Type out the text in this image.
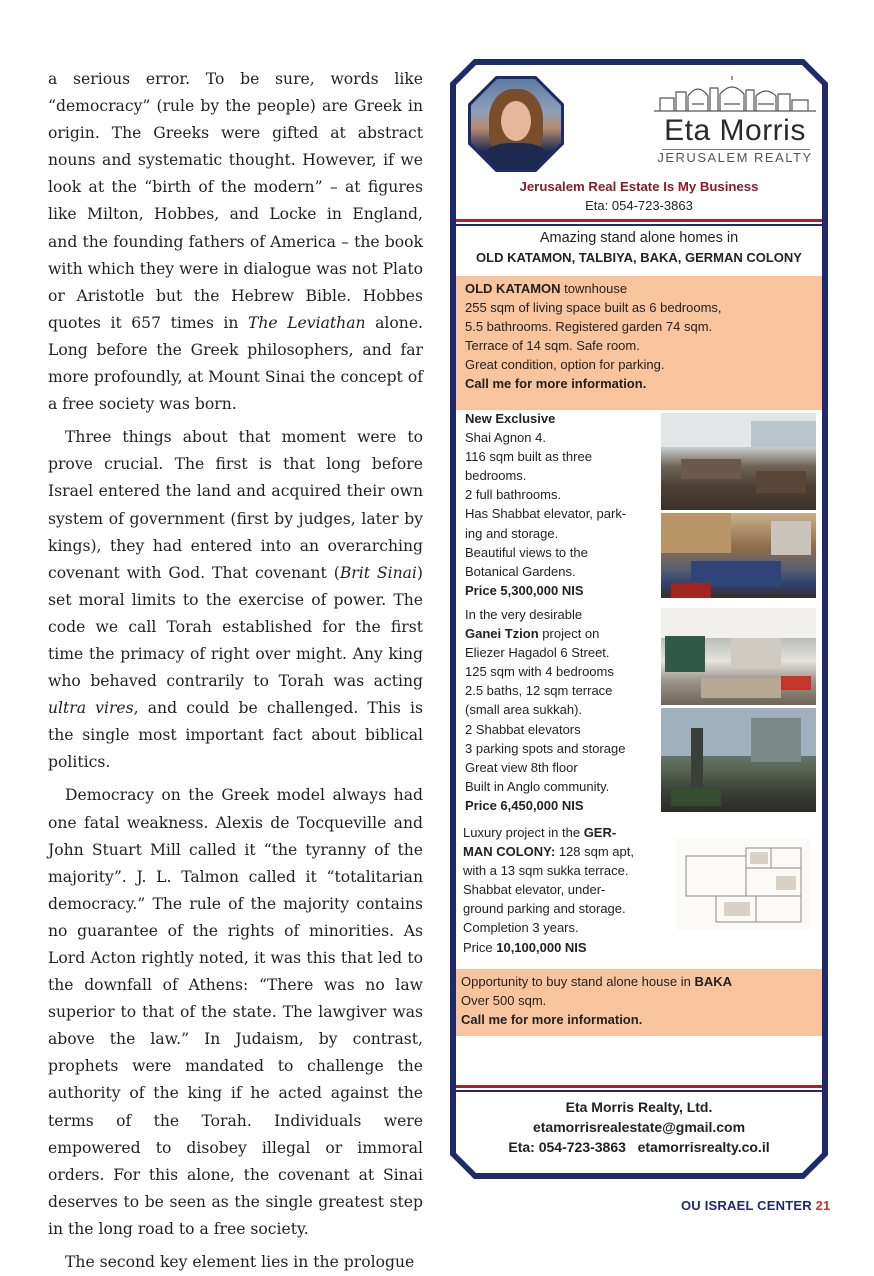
a serious error. To be sure, words like “democracy” (rule by the people) are Greek in origin. The Greeks were gifted at abstract nouns and systematic thought. However, if we look at the “birth of the modern” – at figures like Milton, Hobbes, and Locke in England, and the founding fathers of America – the book with which they were in dialogue was not Plato or Aristotle but the Hebrew Bible. Hobbes quotes it 657 times in The Leviathan alone. Long before the Greek philosophers, and far more profoundly, at Mount Sinai the concept of a free society was born.

Three things about that moment were to prove crucial. The first is that long before Israel entered the land and acquired their own system of government (first by judges, later by kings), they had entered into an overarching covenant with God. That covenant (Brit Sinai) set moral limits to the exercise of power. The code we call Torah established for the first time the primacy of right over might. Any king who behaved contrarily to Torah was acting ultra vires, and could be challenged. This is the single most important fact about biblical politics.

Democracy on the Greek model always had one fatal weakness. Alexis de Tocqueville and John Stuart Mill called it “the tyranny of the majority”. J. L. Talmon called it “totalitarian democracy.” The rule of the majority contains no guarantee of the rights of minorities. As Lord Acton rightly noted, it was this that led to the downfall of Athens: “There was no law superior to that of the state. The lawgiver was above the law.” In Judaism, by contrast, prophets were mandated to challenge the authority of the king if he acted against the terms of the Torah. Individuals were empowered to disobey illegal or immoral orders. For this alone, the covenant at Sinai deserves to be seen as the single greatest step in the long road to a free society.

The second key element lies in the prologue

Eta Morris
JERUSALEM REALTY
Jerusalem Real Estate Is My Business
Eta: 054-723-3863
Amazing stand alone homes in
OLD KATAMON, TALBIYA, BAKA, GERMAN COLONY
OLD KATAMON townhouse
255 sqm of living space built as 6 bedrooms,
5.5 bathrooms. Registered garden 74 sqm.
Terrace of 14 sqm. Safe room.
Great condition, option for parking.
Call me for more information.
New Exclusive
Shai Agnon 4.
116 sqm built as three
bedrooms.
2 full bathrooms.
Has Shabbat elevator, park-
ing and storage.
Beautiful views to the
Botanical Gardens.
Price 5,300,000 NIS
In the very desirable
Ganei Tzion project on
Eliezer Hagadol 6 Street.
125 sqm with 4 bedrooms
2.5 baths, 12 sqm terrace
(small area sukkah).
2 Shabbat elevators
3 parking spots and storage
Great view 8th floor
Built in Anglo community.
Price 6,450,000 NIS
Luxury project in the GER-
MAN COLONY: 128 sqm apt,
with a 13 sqm sukka terrace.
Shabbat elevator, under-
ground parking and storage.
Completion 3 years.
Price 10,100,000 NIS
Opportunity to buy stand alone house in BAKA
Over 500 sqm.
Call me for more information.
Eta Morris Realty, Ltd.
etamorrisrealestate@gmail.com
Eta: 054-723-3863   etamorrisrealty.co.il
OU ISRAEL CENTER 21
